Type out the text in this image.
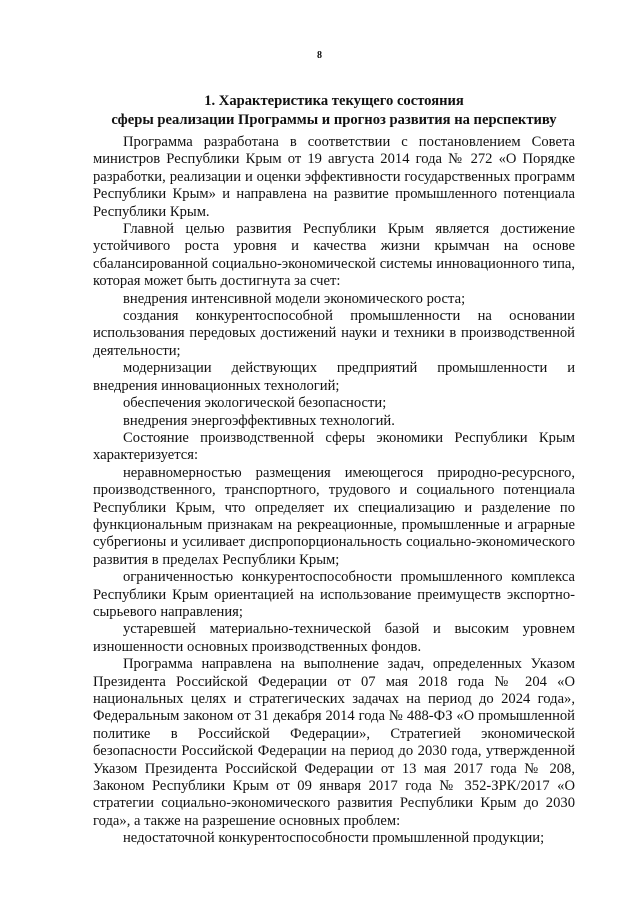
8
1. Характеристика текущего состояния
сферы реализации Программы и прогноз развития на перспективу

Программа разработана в соответствии с постановлением Совета министров Республики Крым от 19 августа 2014 года № 272 «О Порядке разработки, реализации и оценки эффективности государственных программ Республики Крым» и направлена на развитие промышленного потенциала Республики Крым.

Главной целью развития Республики Крым является достижение устойчивого роста уровня и качества жизни крымчан на основе сбалансированной социально-экономической системы инновационного типа, которая может быть достигнута за счет:

внедрения интенсивной модели экономического роста;

создания конкурентоспособной промышленности на основании использования передовых достижений науки и техники в производственной деятельности;

модернизации действующих предприятий промышленности и внедрения инновационных технологий;

обеспечения экологической безопасности;

внедрения энергоэффективных технологий.

Состояние производственной сферы экономики Республики Крым характеризуется:

неравномерностью размещения имеющегося природно-ресурсного, производственного, транспортного, трудового и социального потенциала Республики Крым, что определяет их специализацию и разделение по функциональным признакам на рекреационные, промышленные и аграрные субрегионы и усиливает диспропорциональность социально-экономического развития в пределах Республики Крым;

ограниченностью конкурентоспособности промышленного комплекса Республики Крым ориентацией на использование преимуществ экспортно-сырьевого направления;

устаревшей материально-технической базой и высоким уровнем изношенности основных производственных фондов.

Программа направлена на выполнение задач, определенных Указом Президента Российской Федерации от 07 мая 2018 года № 204 «О национальных целях и стратегических задачах на период до 2024 года», Федеральным законом от 31 декабря 2014 года № 488-ФЗ «О промышленной политике в Российской Федерации», Стратегией экономической безопасности Российской Федерации на период до 2030 года, утвержденной Указом Президента Российской Федерации от 13 мая 2017 года № 208, Законом Республики Крым от 09 января 2017 года № 352-ЗРК/2017 «О стратегии социально-экономического развития Республики Крым до 2030 года», а также на разрешение основных проблем:

недостаточной конкурентоспособности промышленной продукции;
